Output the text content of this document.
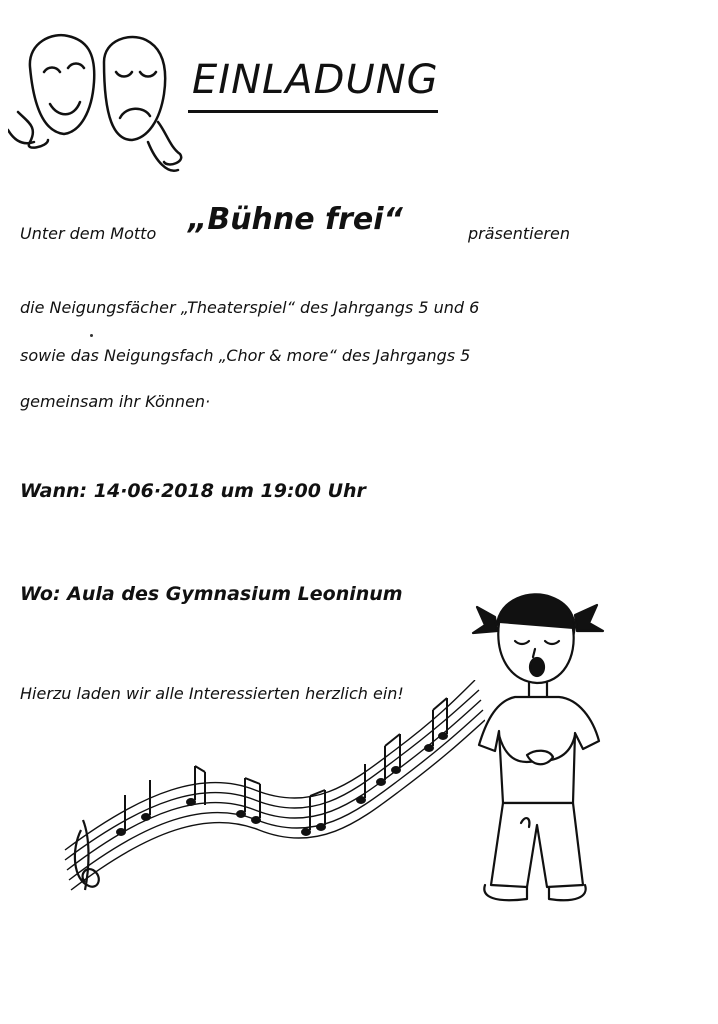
EINLADUNG

Unter dem Motto „Bühne frei“	präsentieren

die Neigungsfächer „Theaterspiel“ des Jahrgangs 5 und 6

sowie das Neigungsfach „Chor & more“ des Jahrgangs 5

gemeinsam ihr Können·

Wann: 14·06·2018 um 19:00 Uhr

Wo: Aula des Gymnasium Leoninum

Hierzu laden wir alle Interessierten herzlich ein!
